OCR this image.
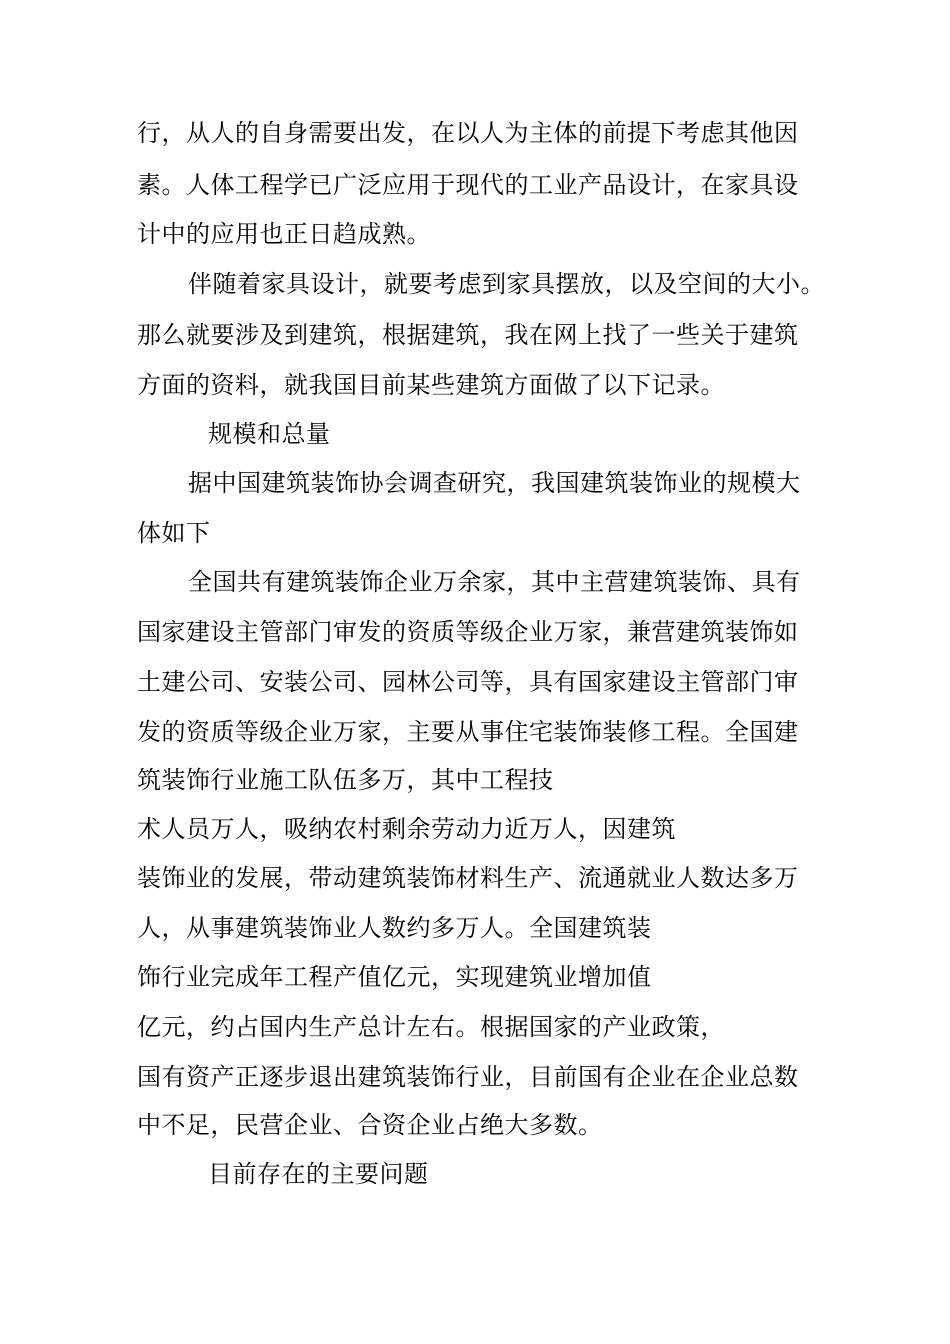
行，从人的自身需要出发，在以人为主体的前提下考虑其他因
素。人体工程学已广泛应用于现代的工业产品设计，在家具设
计中的应用也正日趋成熟。
伴随着家具设计，就要考虑到家具摆放，以及空间的大小。
那么就要涉及到建筑，根据建筑，我在网上找了一些关于建筑
方面的资料，就我国目前某些建筑方面做了以下记录。
规模和总量
据中国建筑装饰协会调查研究，我国建筑装饰业的规模大
体如下
全国共有建筑装饰企业万余家，其中主营建筑装饰、具有
国家建设主管部门审发的资质等级企业万家，兼营建筑装饰如
土建公司、安装公司、园林公司等，具有国家建设主管部门审
发的资质等级企业万家，主要从事住宅装饰装修工程。全国建
筑装饰行业施工队伍多万，其中工程技
术人员万人，吸纳农村剩余劳动力近万人，因建筑
装饰业的发展，带动建筑装饰材料生产、流通就业人数达多万
人，从事建筑装饰业人数约多万人。全国建筑装
饰行业完成年工程产值亿元，实现建筑业增加值
亿元，约占国内生产总计左右。根据国家的产业政策，
国有资产正逐步退出建筑装饰行业，目前国有企业在企业总数
中不足，民营企业、合资企业占绝大多数。
目前存在的主要问题
